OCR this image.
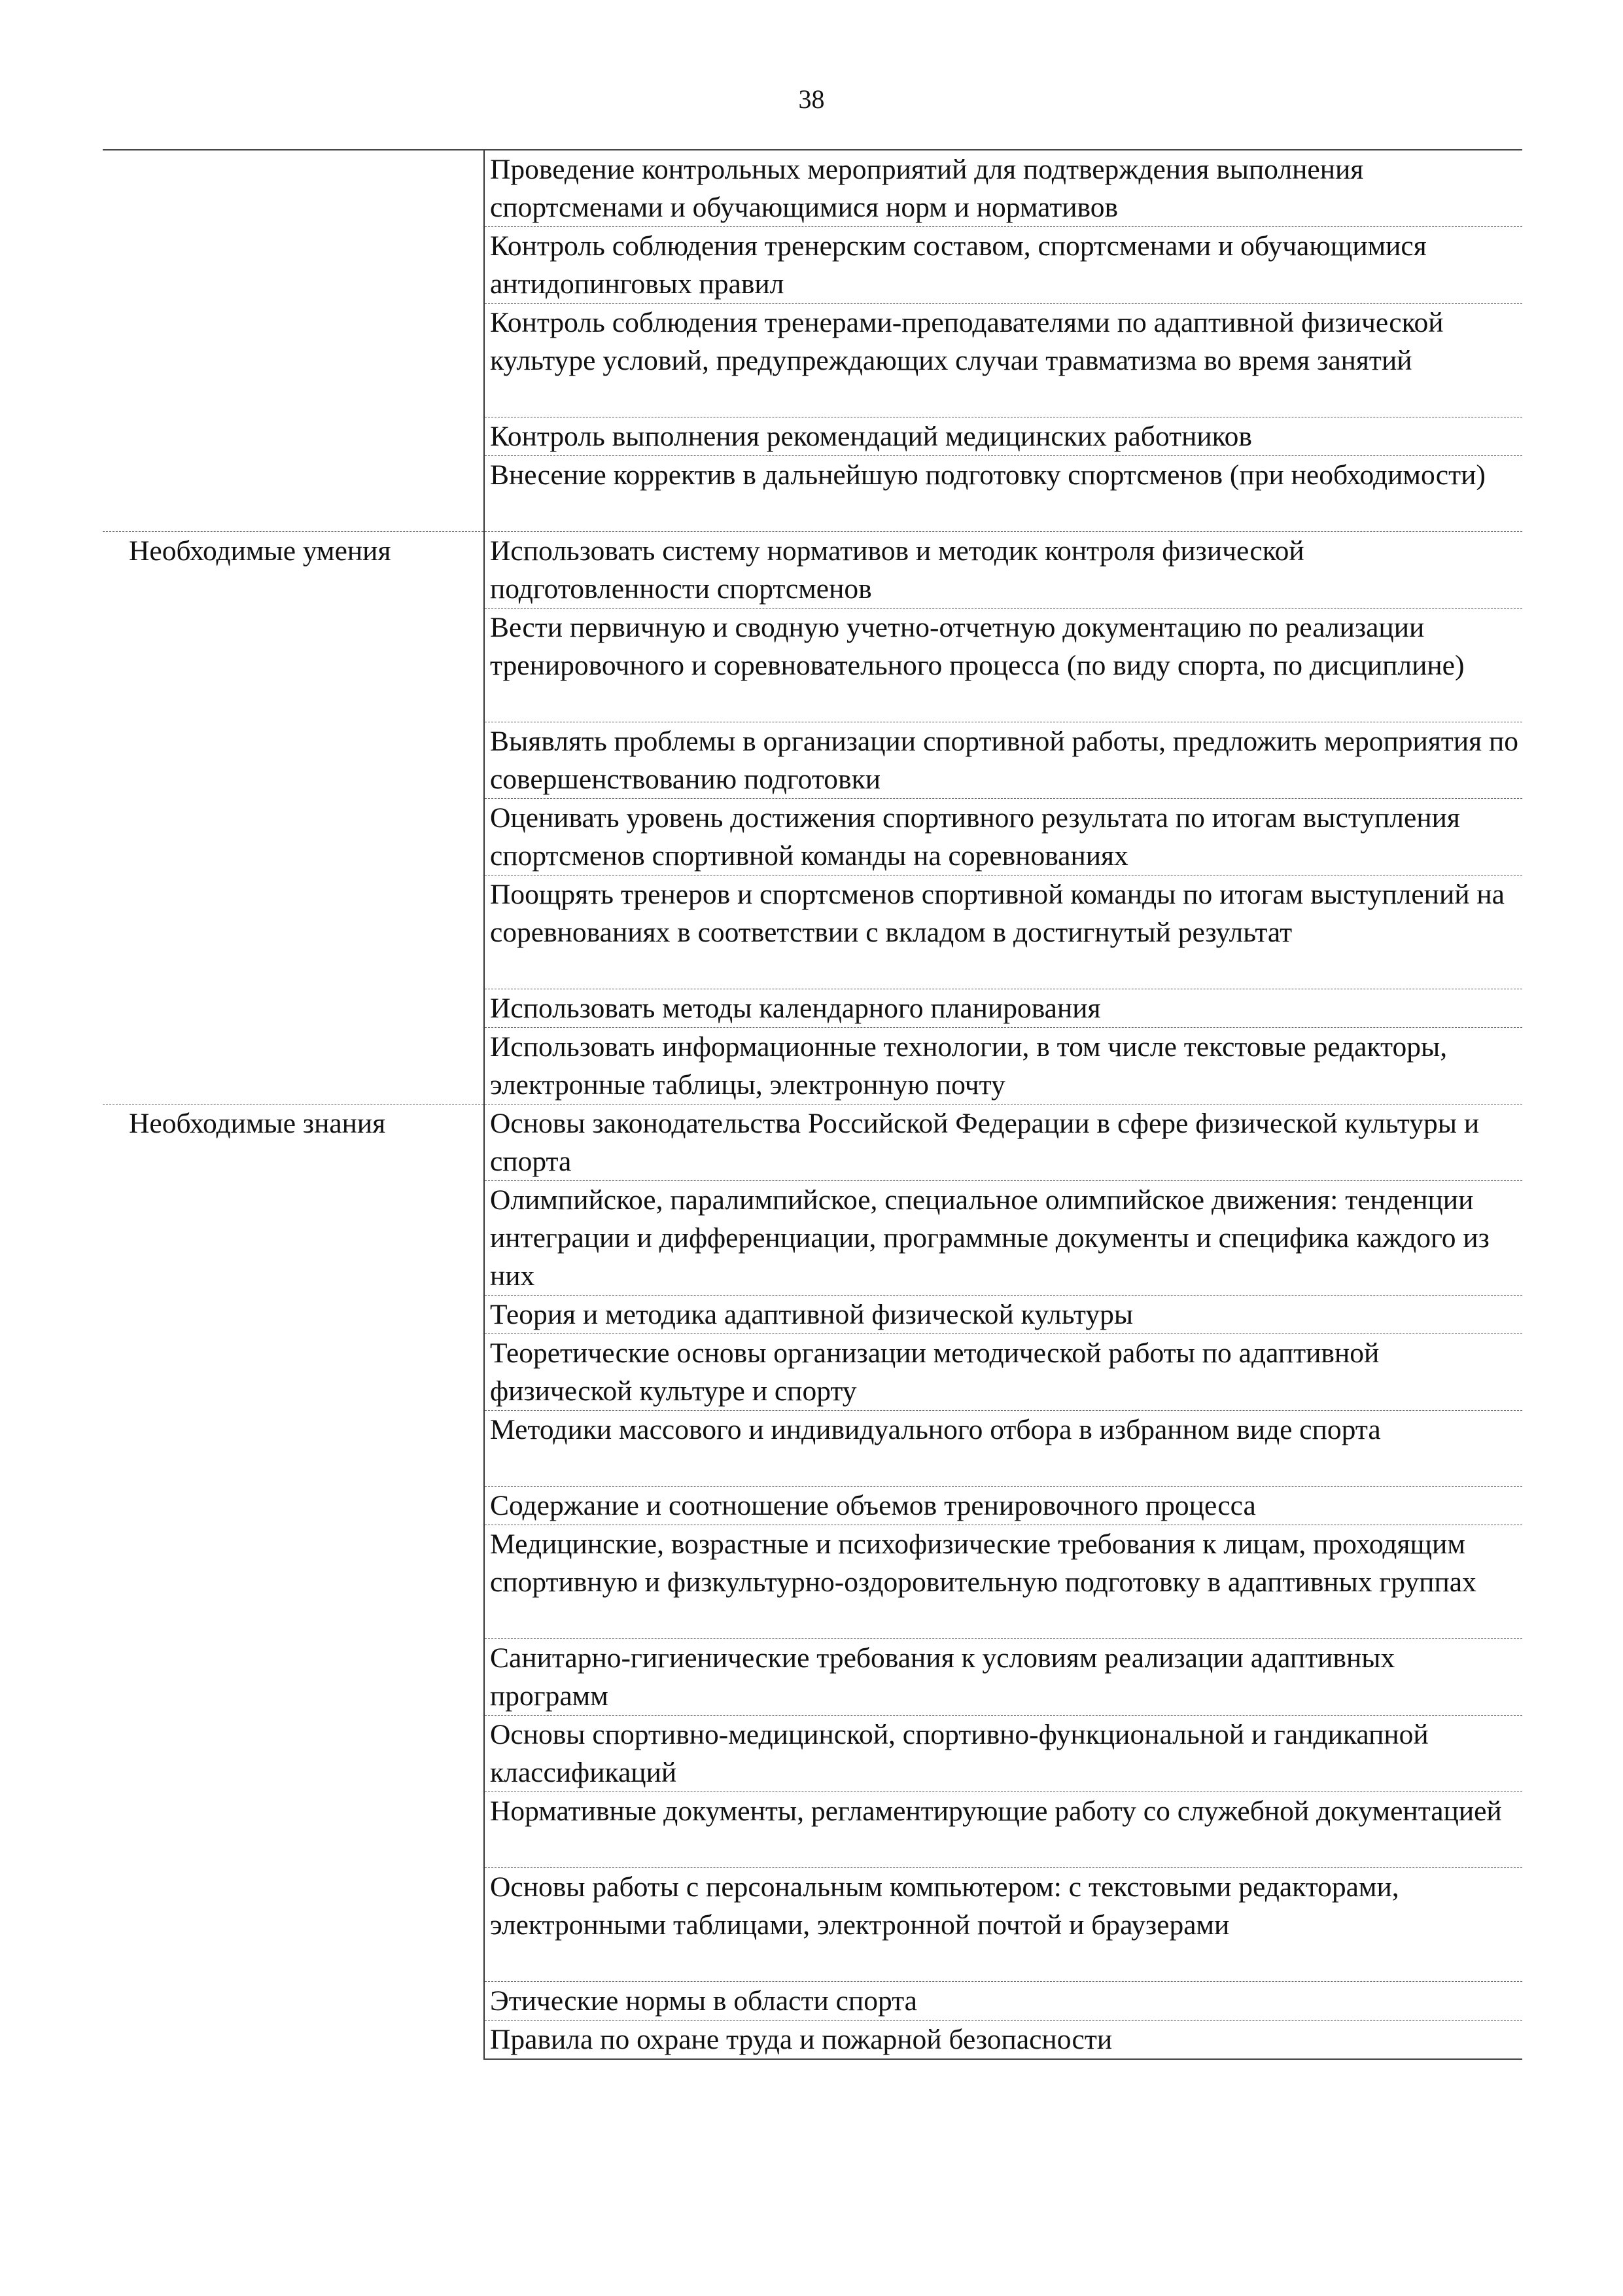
38
	Проведение контрольных мероприятий для подтверждения выполнения спортсменами и обучающимися норм и нормативов
	Контроль соблюдения тренерским составом, спортсменами и обучающимися антидопинговых правил
	Контроль соблюдения тренерами-преподавателями по адаптивной физической культуре условий, предупреждающих случаи травматизма во время занятий
	Контроль выполнения рекомендаций медицинских работников
	Внесение корректив в дальнейшую подготовку спортсменов (при необходимости)
Необходимые умения	Использовать систему нормативов и методик контроля физической подготовленности спортсменов
	Вести первичную и сводную учетно-отчетную документацию по реализации тренировочного и соревновательного процесса (по виду спорта, по дисциплине)
	Выявлять проблемы в организации спортивной работы, предложить мероприятия по совершенствованию подготовки
	Оценивать уровень достижения спортивного результата по итогам выступления спортсменов спортивной команды на соревнованиях
	Поощрять тренеров и спортсменов спортивной команды по итогам выступлений на соревнованиях в соответствии с вкладом в достигнутый результат
	Использовать методы календарного планирования
	Использовать информационные технологии, в том числе текстовые редакторы, электронные таблицы, электронную почту
Необходимые знания	Основы законодательства Российской Федерации в сфере физической культуры и спорта
	Олимпийское, паралимпийское, специальное олимпийское движения: тенденции интеграции и дифференциации, программные документы и специфика каждого из них
	Теория и методика адаптивной физической культуры
	Теоретические основы организации методической работы по адаптивной физической культуре и спорту
	Методики массового и индивидуального отбора в избранном виде спорта
	Содержание и соотношение объемов тренировочного процесса
	Медицинские, возрастные и психофизические требования к лицам, проходящим спортивную и физкультурно-оздоровительную подготовку в адаптивных группах
	Санитарно-гигиенические требования к условиям реализации адаптивных программ
	Основы спортивно-медицинской, спортивно-функциональной и гандикапной классификаций
	Нормативные документы, регламентирующие работу со служебной документацией
	Основы работы с персональным компьютером: с текстовыми редакторами, электронными таблицами, электронной почтой и браузерами
	Этические нормы в области спорта
	Правила по охране труда и пожарной безопасности
